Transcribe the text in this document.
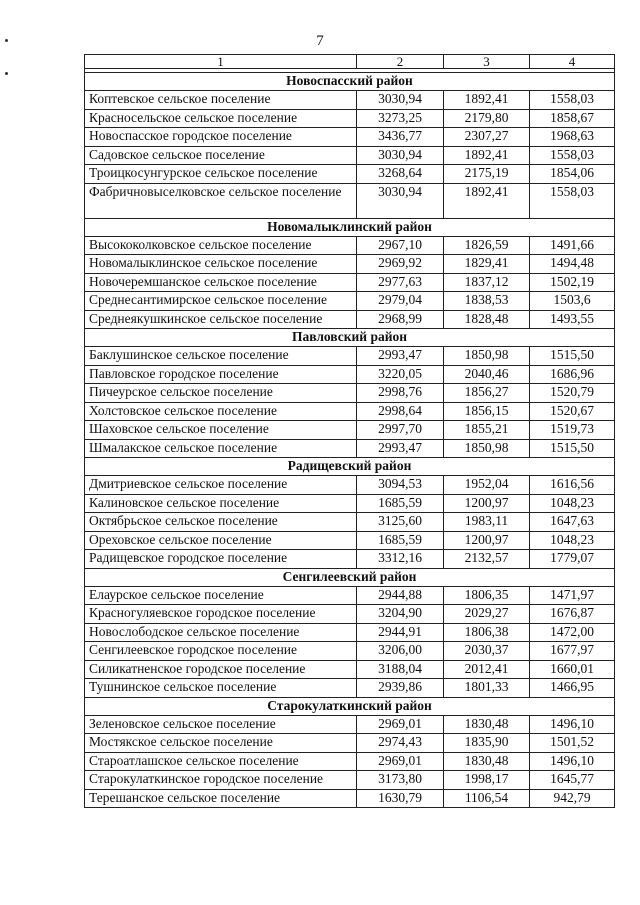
7
1	2	3	4

Новоспасский район			
Коптевское сельское поселение	3030,94	1892,41	1558,03
Красносельское сельское поселение	3273,25	2179,80	1858,67
Новоспасское городское поселение	3436,77	2307,27	1968,63
Садовское сельское поселение	3030,94	1892,41	1558,03
Троицкосунгурское сельское поселение	3268,64	2175,19	1854,06
Фабричновыселковское сельское поселение	3030,94	1892,41	1558,03
Новомалыклинский район			
Высококолковское сельское поселение	2967,10	1826,59	1491,66
Новомалыклинское сельское поселение	2969,92	1829,41	1494,48
Новочеремшанское сельское поселение	2977,63	1837,12	1502,19
Среднесантимирское сельское поселение	2979,04	1838,53	1503,6
Среднеякушкинское сельское поселение	2968,99	1828,48	1493,55
Павловский район			
Баклушинское сельское поселение	2993,47	1850,98	1515,50
Павловское городское поселение	3220,05	2040,46	1686,96
Пичеурское сельское поселение	2998,76	1856,27	1520,79
Холстовское сельское поселение	2998,64	1856,15	1520,67
Шаховское сельское поселение	2997,70	1855,21	1519,73
Шмалакское сельское поселение	2993,47	1850,98	1515,50
Радищевский район			
Дмитриевское сельское поселение	3094,53	1952,04	1616,56
Калиновское сельское поселение	1685,59	1200,97	1048,23
Октябрьское сельское поселение	3125,60	1983,11	1647,63
Ореховское сельское поселение	1685,59	1200,97	1048,23
Радищевское городское поселение	3312,16	2132,57	1779,07
Сенгилеевский район			
Елаурское сельское поселение	2944,88	1806,35	1471,97
Красногуляевское городское поселение	3204,90	2029,27	1676,87
Новослободское сельское поселение	2944,91	1806,38	1472,00
Сенгилеевское городское поселение	3206,00	2030,37	1677,97
Силикатненское городское поселение	3188,04	2012,41	1660,01
Тушнинское сельское поселение	2939,86	1801,33	1466,95
Старокулаткинский район			
Зеленовское сельское поселение	2969,01	1830,48	1496,10
Мостякское сельское поселение	2974,43	1835,90	1501,52
Староатлашское сельское поселение	2969,01	1830,48	1496,10
Старокулаткинское городское поселение	3173,80	1998,17	1645,77
Терешанское сельское поселение	1630,79	1106,54	942,79
